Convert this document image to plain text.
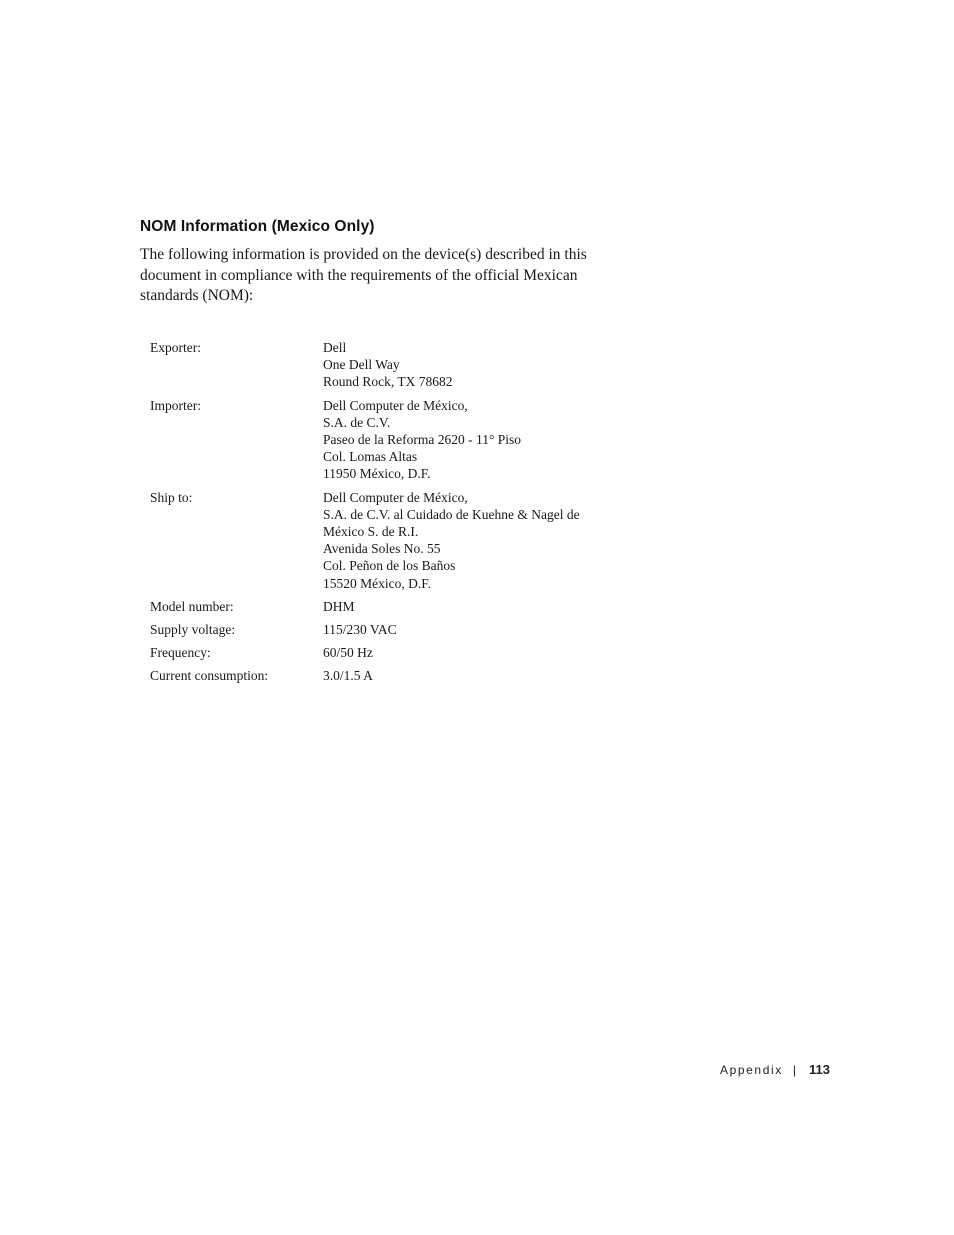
NOM Information (Mexico Only)

The following information is provided on the device(s) described in this document in compliance with the requirements of the official Mexican standards (NOM):

Exporter:	Dell
One Dell Way
Round Rock, TX 78682
Importer:	Dell Computer de México,
S.A. de C.V.
Paseo de la Reforma 2620 - 11° Piso
Col. Lomas Altas
11950 México, D.F.
Ship to:	Dell Computer de México,
S.A. de C.V. al Cuidado de Kuehne & Nagel de
México S. de R.I.
Avenida Soles No. 55
Col. Peñon de los Baños
15520 México, D.F.
Model number:	DHM
Supply voltage:	115/230 VAC
Frequency:	60/50 Hz
Current consumption:	3.0/1.5 A
Appendix | 113
